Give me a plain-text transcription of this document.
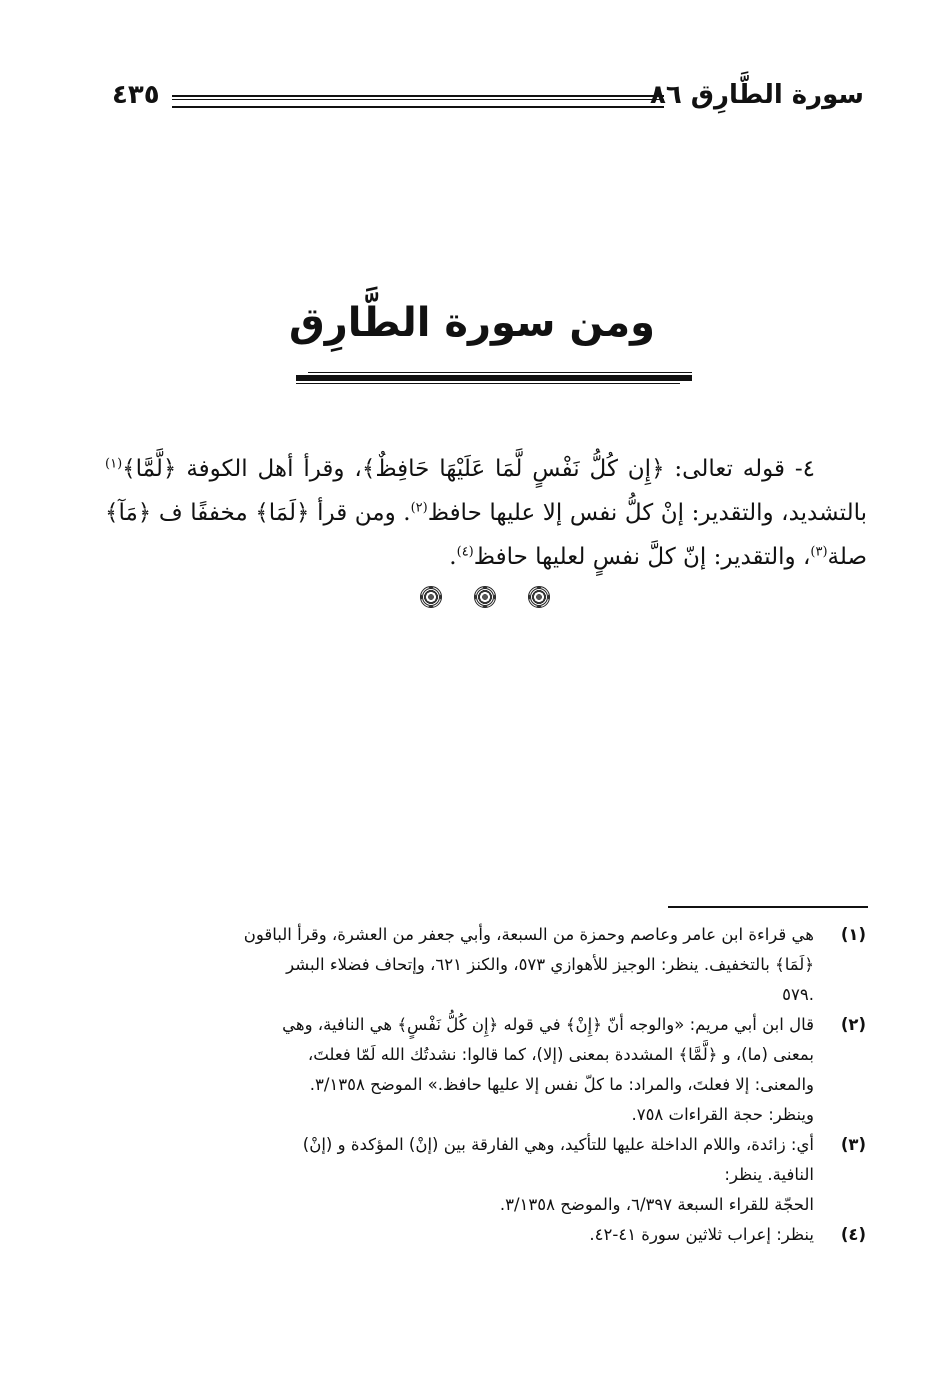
سورة الطَّارِق ٨٦
٤٣٥
ومن سورة الطَّارِق

٤- قوله تعالى: ﴿إِن كُلُّ نَفْسٍ لَّمَا عَلَيْهَا حَافِظٌ﴾، وقرأ أهل الكوفة ﴿لَّمَّا﴾$^{(١)}$ بالتشديد، والتقدير: إنْ كلُّ نفس إلا عليها حافظ$^{(٢)}$. ومن قرأ ﴿لَمَا﴾ مخففًا ف ﴿مَآ﴾ صلة$^{(٣)}$، والتقدير: إنّ كلَّ نفسٍ لعليها حافظ$^{(٤)}$.

(١)
هي قراءة ابن عامر وعاصم وحمزة من السبعة، وأبي جعفر من العشرة، وقرأ الباقون
﴿لَمَا﴾ بالتخفيف. ينظر: الوجيز للأهوازي ٥٧٣، والكنز ٦٢١، وإتحاف فضلاء البشر
.٥٧٩
(٢)
قال ابن أبي مريم: «والوجه أنّ ﴿إِنْ﴾ في قوله ﴿إِن كُلُّ نَفْسٍ﴾ هي النافية، وهي
بمعنى (ما)، و ﴿لَّمَّا﴾ المشددة بمعنى (إلا)، كما قالوا: نشدتُك الله لَمّا فعلتَ،
والمعنى: إلا فعلتَ، والمراد: ما كلّ نفس إلا عليها حافظ.» الموضح ٣/١٣٥٨.
وينظر: حجة القراءات ٧٥٨.
(٣)
أي: زائدة، واللام الداخلة عليها للتأكيد، وهي الفارقة بين (إنْ) المؤكدة و (إنْ)
النافية. ينظر:
الحجّة للقراء السبعة ٦/٣٩٧، والموضح ٣/١٣٥٨.
(٤)
ينظر: إعراب ثلاثين سورة ٤١-٤٢.
